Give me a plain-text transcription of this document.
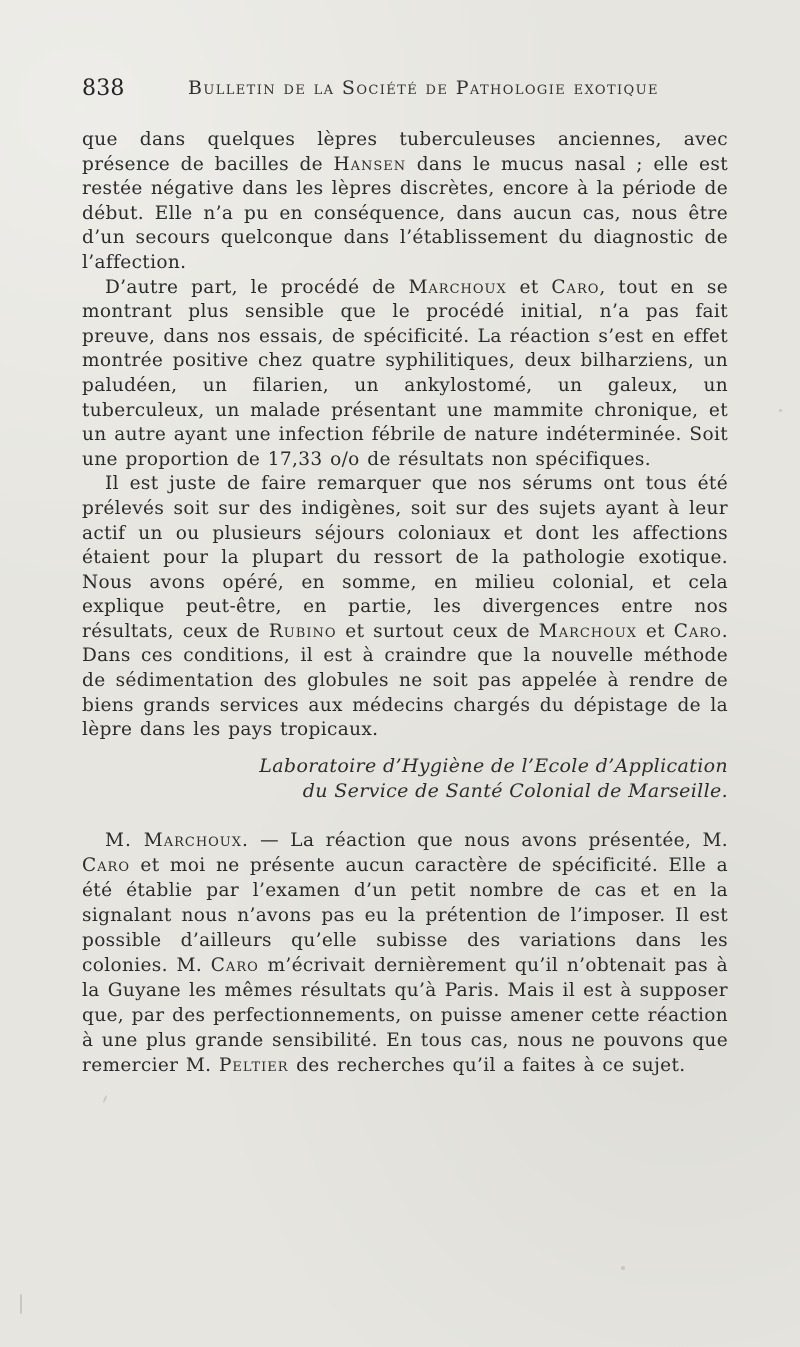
838	Bulletin de la Société de Pathologie exotique

que dans quelques lèpres tuberculeuses anciennes, avec présence de bacilles de Hansen dans le mucus nasal ; elle est restée négative dans les lèpres discrètes, encore à la période de début. Elle n’a pu en conséquence, dans aucun cas, nous être d’un secours quelconque dans l’établissement du diagnostic de l’affection.

D’autre part, le procédé de Marchoux et Caro, tout en se montrant plus sensible que le procédé initial, n’a pas fait preuve, dans nos essais, de spécificité. La réaction s’est en effet montrée positive chez quatre syphilitiques, deux bilharziens, un paludéen, un filarien, un ankylostomé, un galeux, un tuberculeux, un malade présentant une mammite chronique, et un autre ayant une infection fébrile de nature indéterminée. Soit une proportion de 17,33 o/o de résultats non spécifiques.

Il est juste de faire remarquer que nos sérums ont tous été prélevés soit sur des indigènes, soit sur des sujets ayant à leur actif un ou plusieurs séjours coloniaux et dont les affections étaient pour la plupart du ressort de la pathologie exotique. Nous avons opéré, en somme, en milieu colonial, et cela explique peut-être, en partie, les divergences entre nos résultats, ceux de Rubino et surtout ceux de Marchoux et Caro. Dans ces conditions, il est à craindre que la nouvelle méthode de sédimentation des globules ne soit pas appelée à rendre de biens grands services aux médecins chargés du dépistage de la lèpre dans les pays tropicaux.

Laboratoire d’Hygiène de l’Ecole d’Application
du Service de Santé Colonial de Marseille.

M. Marchoux. — La réaction que nous avons présentée, M. Caro et moi ne présente aucun caractère de spécificité. Elle a été établie par l’examen d’un petit nombre de cas et en la signalant nous n’avons pas eu la prétention de l’imposer. Il est possible d’ailleurs qu’elle subisse des variations dans les colonies. M. Caro m’écrivait dernièrement qu’il n’obtenait pas à la Guyane les mêmes résultats qu’à Paris. Mais il est à supposer que, par des perfectionnements, on puisse amener cette réaction à une plus grande sensibilité. En tous cas, nous ne pouvons que remercier M. Peltier des recherches qu’il a faites à ce sujet.
